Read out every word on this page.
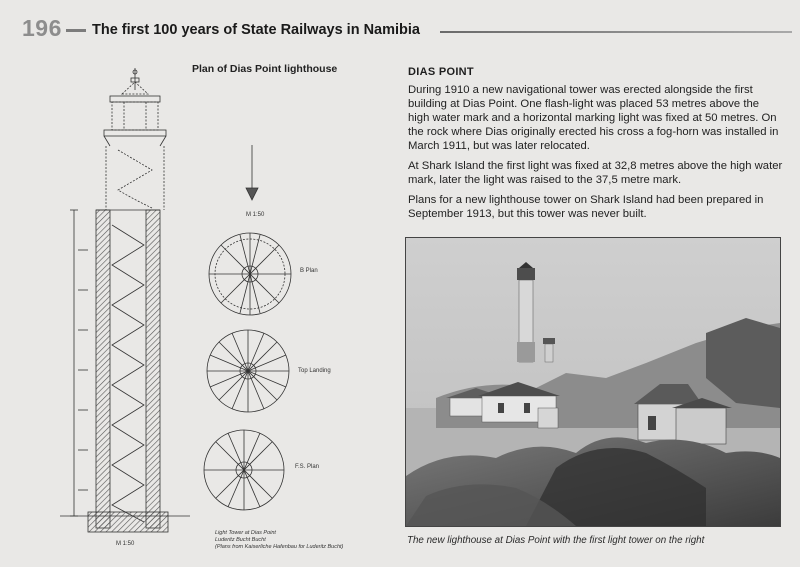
196 The first 100 years of State Railways in Namibia
Plan of Dias Point lighthouse
M 1:50
M 1:50
B Plan
Top Landing
F.S. Plan
Light Tower at Dias Point
Luderitz Bucht Bucht
(Plans from Kaiserliche Hafenbau for Luderitz Bucht)
DIAS POINT

During 1910 a new navigational tower was erected alongside the first building at Dias Point. One flash-light was placed 53 metres above the high water mark and a horizontal marking light was fixed at 50 metres. On the rock where Dias originally erected his cross a fog-horn was installed in March 1911, but was later relocated.

At Shark Island the first light was fixed at 32,8 metres above the high water mark, later the light was raised to the 37,5 metre mark.

Plans for a new lighthouse tower on Shark Island had been prepared in September 1913, but this tower was never built.

The new lighthouse at Dias Point with the first light tower on the right
